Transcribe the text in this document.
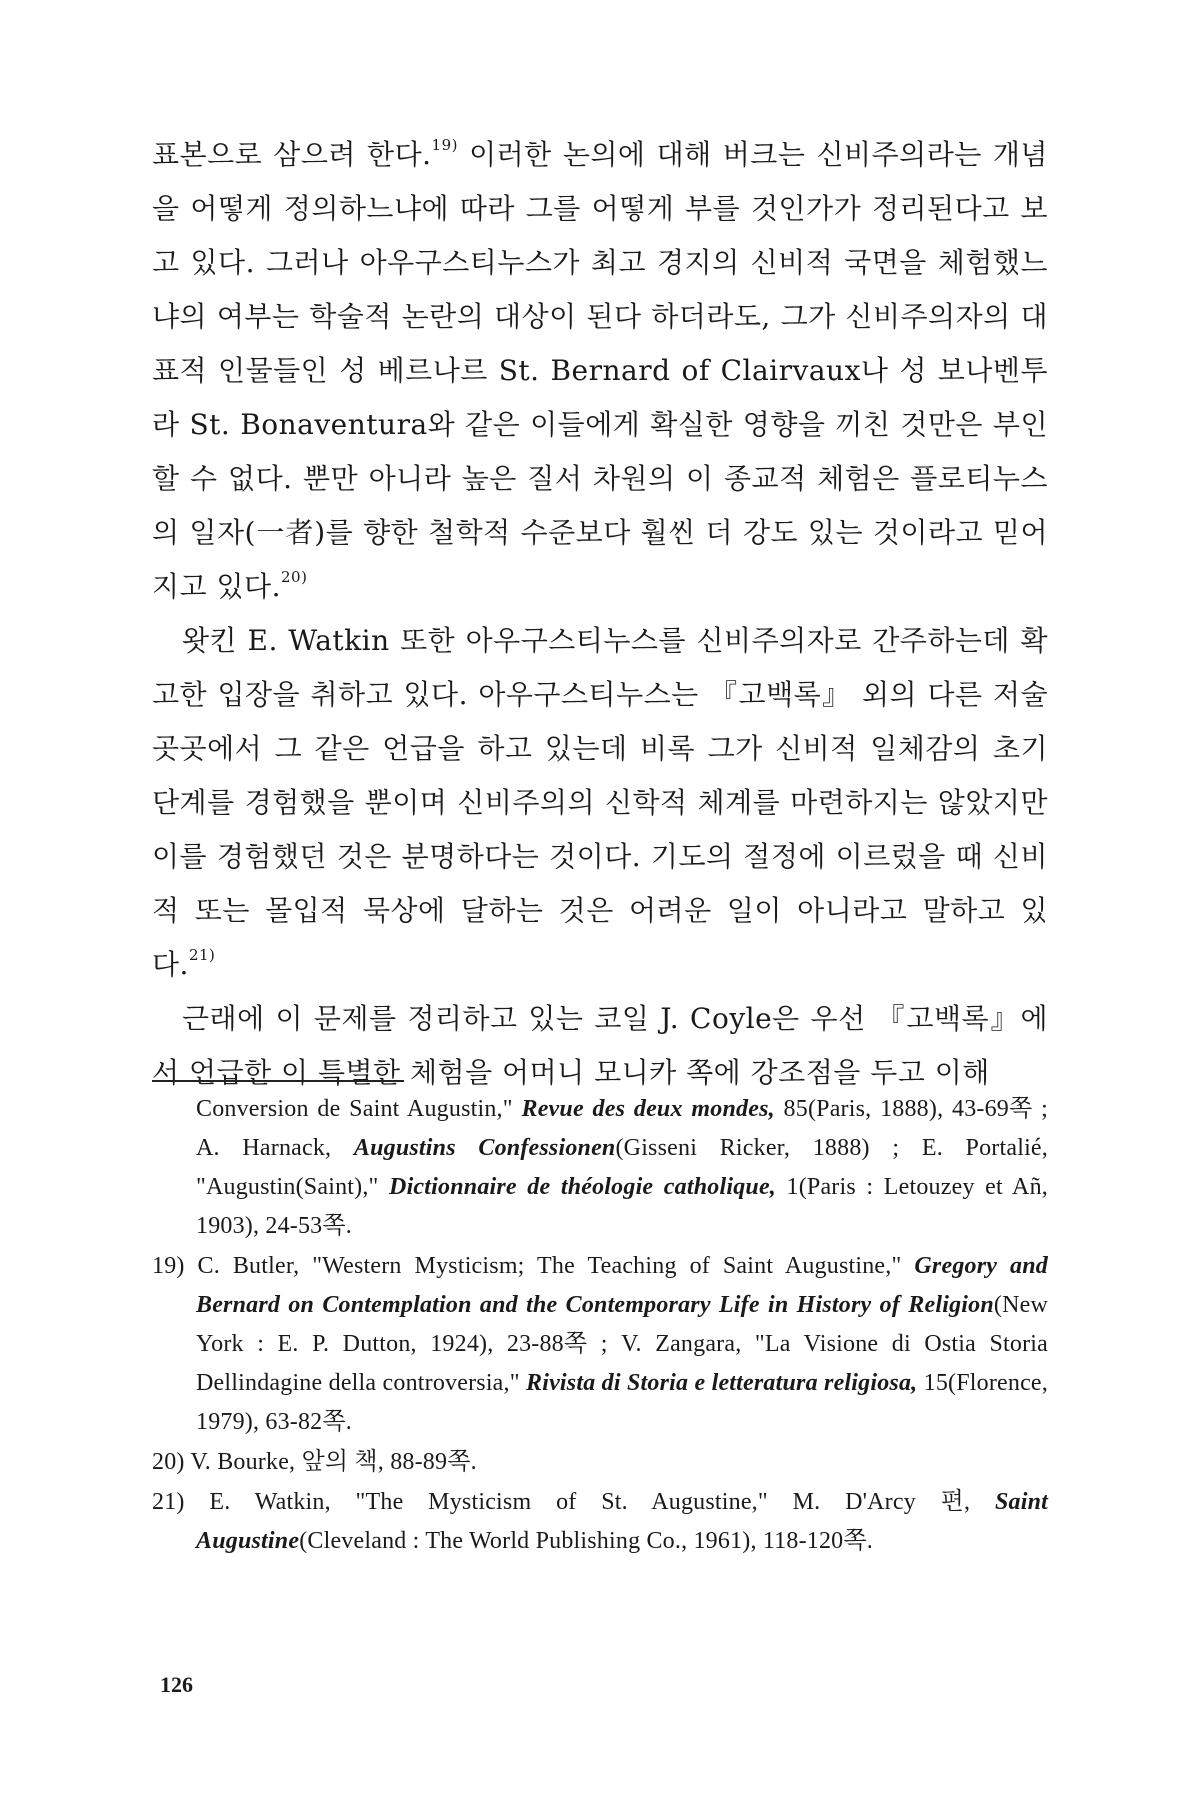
표본으로 삼으려 한다.$^{19)}$ 이러한 논의에 대해 버크는 신비주의라는 개념을 어떻게 정의하느냐에 따라 그를 어떻게 부를 것인가가 정리된다고 보고 있다. 그러나 아우구스티누스가 최고 경지의 신비적 국면을 체험했느냐의 여부는 학술적 논란의 대상이 된다 하더라도, 그가 신비주의자의 대표적 인물들인 성 베르나르 St. Bernard of Clairvaux나 성 보나벤투라 St. Bonaventura와 같은 이들에게 확실한 영향을 끼친 것만은 부인할 수 없다. 뿐만 아니라 높은 질서 차원의 이 종교적 체험은 플로티누스의 일자(一者)를 향한 철학적 수준보다 훨씬 더 강도 있는 것이라고 믿어지고 있다.$^{20)}$

왓킨 E. Watkin 또한 아우구스티누스를 신비주의자로 간주하는데 확고한 입장을 취하고 있다. 아우구스티누스는 『고백록』 외의 다른 저술 곳곳에서 그 같은 언급을 하고 있는데 비록 그가 신비적 일체감의 초기 단계를 경험했을 뿐이며 신비주의의 신학적 체계를 마련하지는 않았지만 이를 경험했던 것은 분명하다는 것이다. 기도의 절정에 이르렀을 때 신비적 또는 몰입적 묵상에 달하는 것은 어려운 일이 아니라고 말하고 있다.$^{21)}$

근래에 이 문제를 정리하고 있는 코일 J. Coyle은 우선 『고백록』에서 언급한 이 특별한 체험을 어머니 모니카 쪽에 강조점을 두고 이해

Conversion de Saint Augustin," Revue des deux mondes, 85(Paris, 1888), 43-69쪽 ; A. Harnack, Augustins Confessionen(Gisseni Ricker, 1888) ; E. Portalié, "Augustin(Saint)," Dictionnaire de théologie catholique, 1(Paris : Letouzey et Añ, 1903), 24-53쪽.

19) C. Butler, "Western Mysticism; The Teaching of Saint Augustine," Gregory and Bernard on Contemplation and the Contemporary Life in History of Religion(New York : E. P. Dutton, 1924), 23-88쪽 ; V. Zangara, "La Visione di Ostia Storia Dellindagine della controversia," Rivista di Storia e letteratura religiosa, 15(Florence, 1979), 63-82쪽.

20) V. Bourke, 앞의 책, 88-89쪽.

21) E. Watkin, "The Mysticism of St. Augustine," M. D'Arcy 편, Saint Augustine(Cleveland : The World Publishing Co., 1961), 118-120쪽.

126
